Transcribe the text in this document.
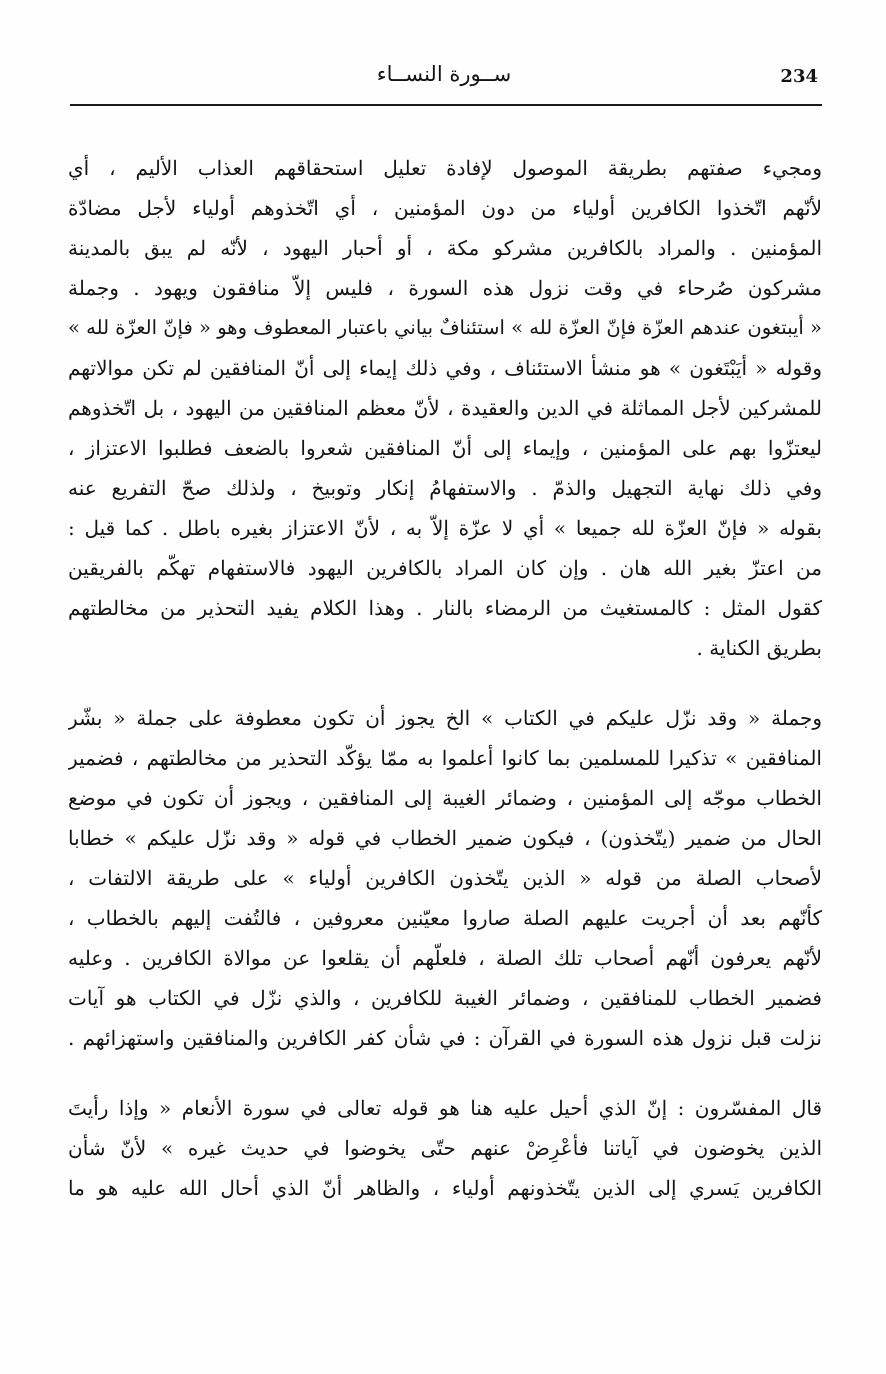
234
ســورة النســاء

ومجيء صفتهم بطريقة الموصول لإفادة تعليل استحقاقهم العذاب الأليم ، أي
لأنّهم اتّخذوا الكافرين أولياء من دون المؤمنين ، أي اتّخذوهم أولياء لأجل مضادّة
المؤمنين . والمراد بالكافرين مشركو مكة ، أو أحبار اليهود ، لأنّه لم يبق بالمدينة
مشركون صُرحاء في وقت نزول هذه السورة ، فليس إلاّ منافقون ويهود . وجملة
« أيبتغون عندهم العزّة فإنّ العزّة لله » استئنافٌ بياني باعتبار المعطوف وهو « فإنّ العزّة لله »
وقوله « أيَبْتَغون » هو منشأ الاستئناف ، وفي ذلك إيماء إلى أنّ المنافقين لم تكن موالاتهم
للمشركين لأجل المماثلة في الدين والعقيدة ، لأنّ معظم المنافقين من اليهود ، بل اتّخذوهم
ليعتزّوا بهم على المؤمنين ، وإيماء إلى أنّ المنافقين شعروا بالضعف فطلبوا الاعتزاز ،
وفي ذلك نهاية التجهيل والذمّ . والاستفهامُ إنكار وتوبيخ ، ولذلك صحّ التفريع عنه
بقوله « فإنّ العزّة لله جميعا » أي لا عزّة إلاّ به ، لأنّ الاعتزاز بغيره باطل . كما قيل :
من اعتزّ بغير الله هان . وإن كان المراد بالكافرين اليهود فالاستفهام تهكّم بالفريقين
كقول المثل : كالمستغيث من الرمضاء بالنار . وهذا الكلام يفيد التحذير من مخالطتهم
بطريق الكناية .

وجملة « وقد نزّل عليكم في الكتاب » الخ يجوز أن تكون معطوفة على جملة « بشّر
المنافقين » تذكيرا للمسلمين بما كانوا أعلموا به ممّا يؤكّد التحذير من مخالطتهم ، فضمير
الخطاب موجّه إلى المؤمنين ، وضمائر الغيبة إلى المنافقين ، ويجوز أن تكون في موضع
الحال من ضمير (يتّخذون) ، فيكون ضمير الخطاب في قوله « وقد نزّل عليكم » خطابا
لأصحاب الصلة من قوله « الذين يتّخذون الكافرين أولياء » على طريقة الالتفات ،
كأنّهم بعد أن أجريت عليهم الصلة صاروا معيّنين معروفين ، فالتُفت إليهم بالخطاب ،
لأنّهم يعرفون أنّهم أصحاب تلك الصلة ، فلعلّهم أن يقلعوا عن موالاة الكافرين . وعليه
فضمير الخطاب للمنافقين ، وضمائر الغيبة للكافرين ، والذي نزّل في الكتاب هو آيات
نزلت قبل نزول هذه السورة في القرآن : في شأن كفر الكافرين والمنافقين واستهزائهم .

قال المفسّرون : إنّ الذي أحيل عليه هنا هو قوله تعالى في سورة الأنعام « وإذا رأيتَ
الذين يخوضون في آياتنا فأعْرِضْ عنهم حتّى يخوضوا في حديث غيره » لأنّ شأن
الكافرين يَسري إلى الذين يتّخذونهم أولياء ، والظاهر أنّ الذي أحال الله عليه هو ما
